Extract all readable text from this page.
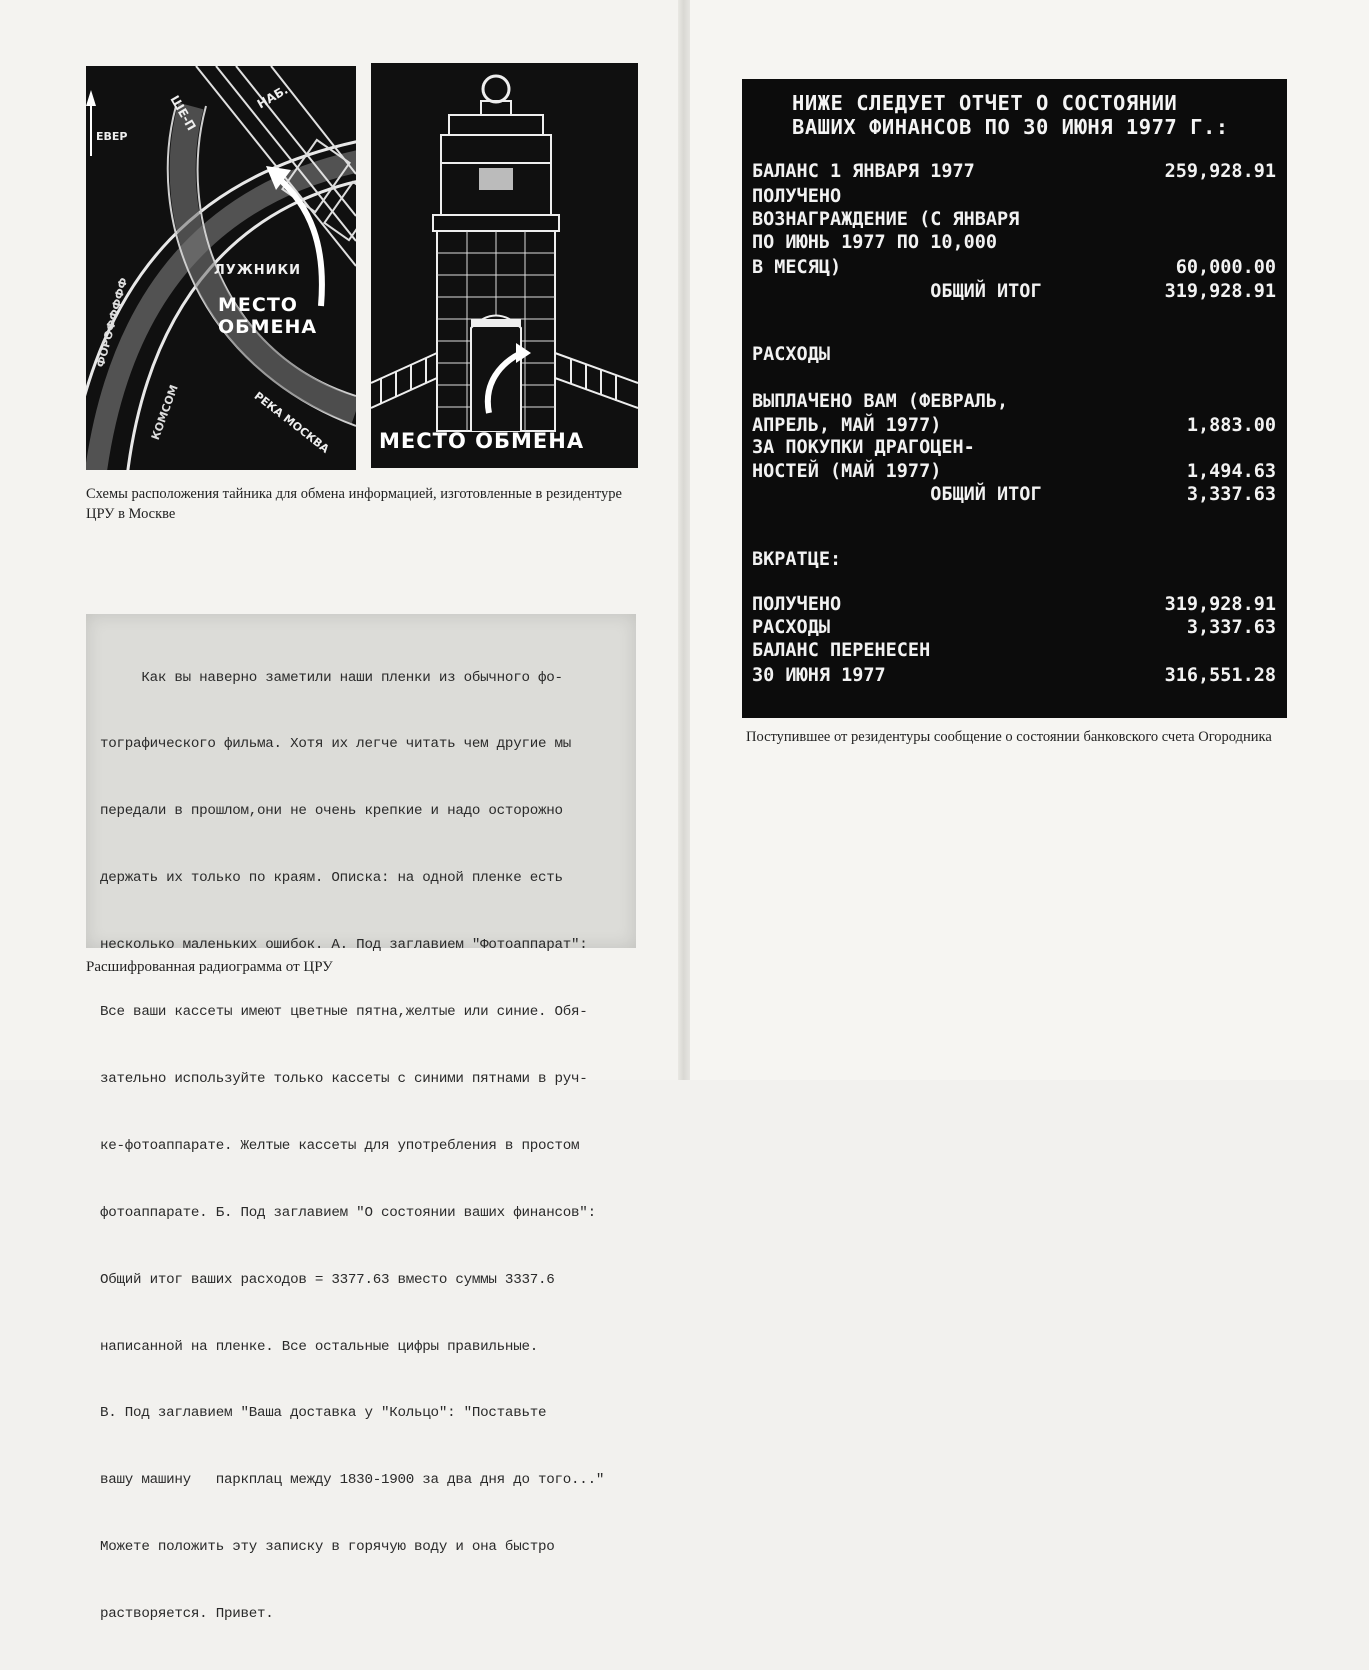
ЕВЕР
НАБ.
ШЕ-П
ЛУЖНИКИ
МЕСТО ОБМЕНА
РЕКА МОСКВА
ФОРОФФФФФ
КОМСОМ	МЕСТО ОБМЕНА
Схемы расположения тайника для обмена информацией, изготовленные в резидентуре ЦРУ в Москве

Как вы наверно заметили наши пленки из обычного фо-

тографического фильма. Хотя их легче читать чем другие мы

передали в прошлом,они не очень крепкие и надо осторожно

держать их только по краям. Описка: на одной пленке есть

несколько маленьких ошибок. А. Под заглавием "Фотоаппарат":

Все ваши кассеты имеют цветные пятна,желтые или синие. Обя-

зательно используйте только кассеты с синими пятнами в руч-

ке-фотоаппарате. Желтые кассеты для употребления в простом

фотоаппарате. Б. Под заглавием "О состоянии ваших финансов":

Общий итог ваших расходов = 3377.63 вместо суммы 3337.6

написанной на пленке. Все остальные цифры правильные.

В. Под заглавием "Ваша доставка у "Кольцо": "Поставьте

вашу машину   паркплац между 1830-1900 за два дня до того..."

Можете положить эту записку в горячую воду и она быстро

растворяется. Привет.

Расшифрованная радиограмма от ЦРУ
НИЖЕ СЛЕДУЕТ ОТЧЕТ О СОСТОЯНИИ
ВАШИХ ФИНАНСОВ ПО 30 ИЮНЯ 1977 Г.:
БАЛАНС 1 ЯНВАРЯ 1977	259,928.91
ПОЛУЧЕНО
ВОЗНАГРАЖДЕНИЕ (С ЯНВАРЯ
ПО ИЮНЬ 1977 ПО 10,000
В МЕСЯЦ)	60,000.00
ОБЩИЙ ИТОГ	319,928.91
РАСХОДЫ
ВЫПЛАЧЕНО ВАМ (ФЕВРАЛЬ,
АПРЕЛЬ, МАЙ 1977)	1,883.00
ЗА ПОКУПКИ ДРАГОЦЕН-
НОСТЕЙ (МАЙ 1977)	1,494.63
ОБЩИЙ ИТОГ	3,337.63
ВКРАТЦЕ:
ПОЛУЧЕНО	319,928.91
РАСХОДЫ	3,337.63
БАЛАНС ПЕРЕНЕСЕН
30 ИЮНЯ 1977	316,551.28
Поступившее от резидентуры сообщение о состоянии банковского счета Огородника
